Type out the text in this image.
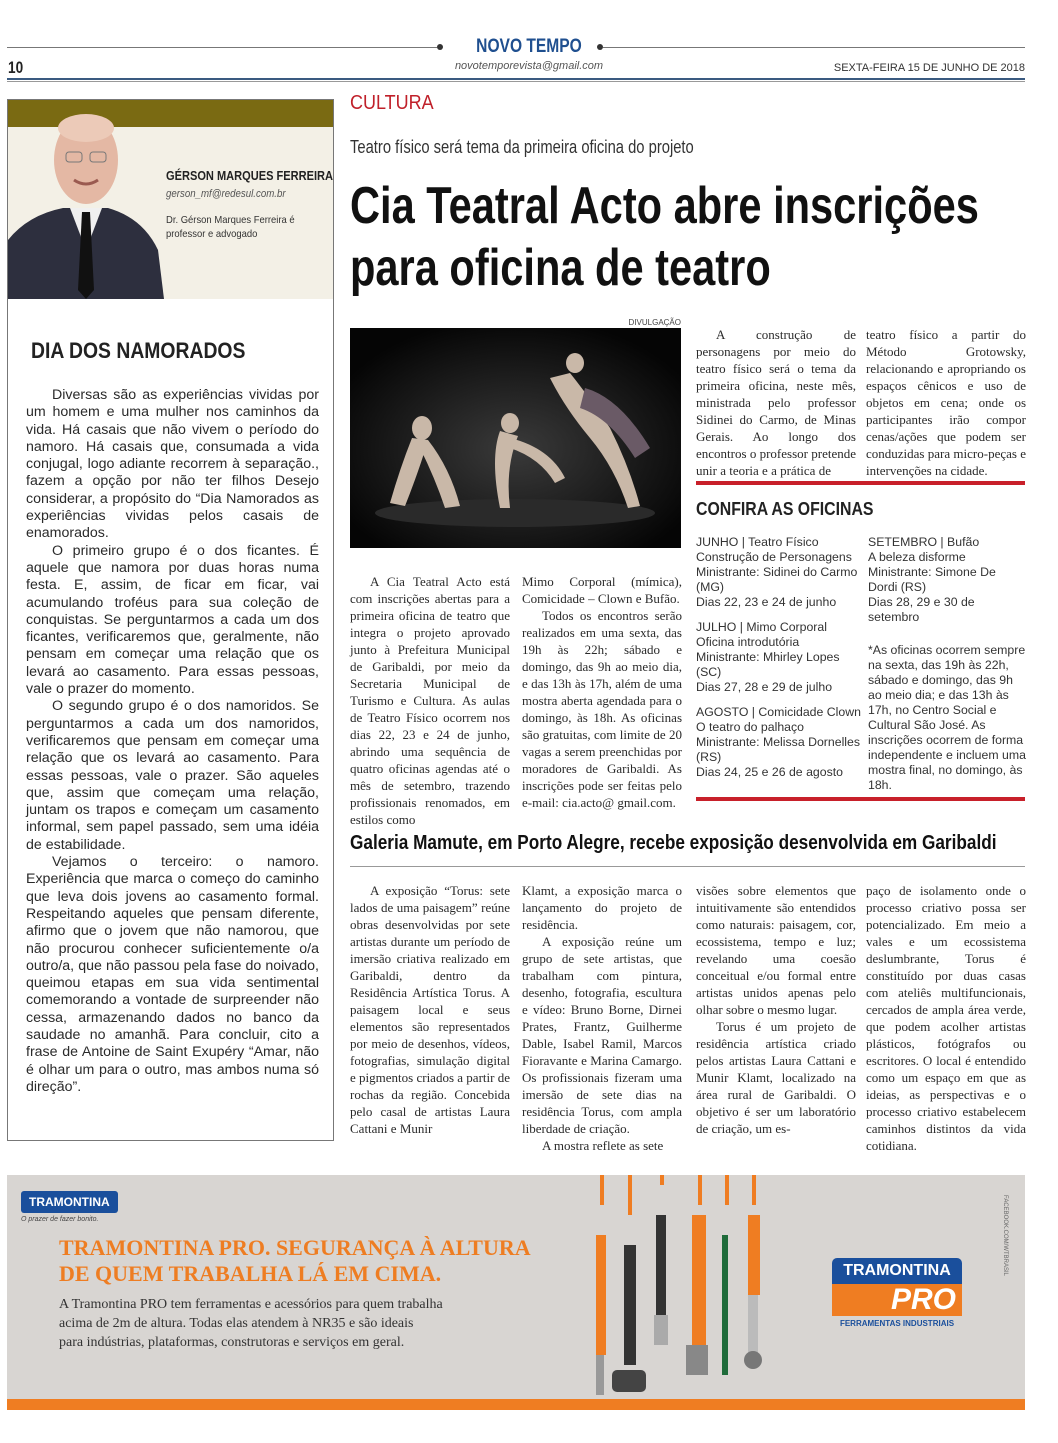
NOVO TEMPO
novotemporevista@gmail.com
10	SEXTA-FEIRA 15 DE JUNHO DE 2018
GÉRSON MARQUES FERREIRA
gerson_mf@redesul.com.br
Dr. Gérson Marques Ferreira é professor e advogado
DIA DOS NAMORADOS

Diversas são as experiências vividas por um homem e uma mulher nos caminhos da vida. Há casais que não vivem o período do namoro. Há casais que, consumada a vida conjugal, logo adiante recorrem à separação., fazem a opção por não ter filhos Desejo considerar, a propósito do “Dia Namorados as experiências vividas pelos casais de enamorados.

O primeiro grupo é o dos ficantes. É aquele que namora por duas horas numa festa. E, assim, de ficar em ficar, vai acumulando troféus para sua coleção de conquistas. Se perguntarmos a cada um dos ficantes, verificaremos que, geralmente, não pensam em começar uma relação que os levará ao casamento. Para essas pessoas, vale o prazer do momento.

O segundo grupo é o dos namoridos. Se perguntarmos a cada um dos namoridos, verificaremos que pensam em começar uma relação que os levará ao casamento. Para essas pessoas, vale o prazer. São aqueles que, assim que começam uma relação, juntam os trapos e começam um casamento informal, sem papel passado, sem uma idéia de estabilidade.

Vejamos o terceiro: o namoro. Experiência que marca o começo do caminho que leva dois jovens ao casamento formal. Respeitando aqueles que pensam diferente, afirmo que o jovem que não namorou, que não procurou conhecer suficientemente o/a outro/a, que não passou pela fase do noivado, queimou etapas em sua vida sentimental comemorando a vontade de surpreender não cessa, armazenando dados no banco da saudade no amanhã. Para concluir, cito a frase de Antoine de Saint Exupéry “Amar, não é olhar um para o outro, mas ambos numa só direção”.

CULTURA
Teatro físico será tema da primeira oficina do projeto
Cia Teatral Acto abre inscrições
para oficina de teatro
DIVULGAÇÃO

A Cia Teatral Acto está com inscrições abertas para a primeira oficina de teatro que integra o projeto aprovado junto à Prefeitura Municipal de Garibaldi, por meio da Secretaria Municipal de Turismo e Cultura. As aulas de Teatro Físico ocorrem nos dias 22, 23 e 24 de junho, abrindo uma sequência de quatro oficinas agendas até o mês de setembro, trazendo profissionais renomados, em estilos como

Mimo Corporal (mímica), Comicidade – Clown e Bufão.

Todos os encontros serão realizados em uma sexta, das 19h às 22h; sábado e domingo, das 9h ao meio dia, e das 13h às 17h, além de uma mostra aberta agendada para o domingo, às 18h. As oficinas são gratuitas, com limite de 20 vagas a serem preenchidas por moradores de Garibaldi. As inscrições pode ser feitas pelo e-mail: cia.acto@ gmail.com.

A construção de personagens por meio do teatro físico será o tema da primeira oficina, neste mês, ministrada pelo professor Sidinei do Carmo, de Minas Gerais. Ao longo dos encontros o professor pretende unir a teoria e a prática de

teatro físico a partir do Método Grotowsky, relacionando e apropriando os espaços cênicos e uso de objetos em cena; onde os participantes irão compor cenas/ações que podem ser conduzidas para micro-peças e intervenções na cidade.

CONFIRA AS OFICINAS
JUNHO | Teatro Físico
Construção de Personagens
Ministrante: Sidinei do Carmo (MG)
Dias 22, 23 e 24 de junho
JULHO | Mimo Corporal
Oficina introdutória
Ministrante: Mhirley Lopes (SC)
Dias 27, 28 e 29 de julho
AGOSTO | Comicidade Clown
O teatro do palhaço
Ministrante: Melissa Dornelles (RS)
Dias 24, 25 e 26 de agosto
SETEMBRO | Bufão
A beleza disforme
Ministrante: Simone De Dordi (RS)
Dias 28, 29 e 30 de setembro
*As oficinas ocorrem sempre na sexta, das 19h às 22h, sábado e domingo, das 9h ao meio dia; e das 13h às 17h, no Centro Social e Cultural São José. As inscrições ocorrem de forma independente e incluem uma mostra final, no domingo, às 18h.
Galeria Mamute, em Porto Alegre, recebe exposição desenvolvida em Garibaldi

A exposição “Torus: sete lados de uma paisagem” reúne obras desenvolvidas por sete artistas durante um período de imersão criativa realizado em Garibaldi, dentro da Residência Artística Torus. A paisagem local e seus elementos são representados por meio de desenhos, vídeos, fotografias, simulação digital e pigmentos criados a partir de rochas da região. Concebida pelo casal de artistas Laura Cattani e Munir

Klamt, a exposição marca o lançamento do projeto de residência.

A exposição reúne um grupo de sete artistas, que trabalham com pintura, desenho, fotografia, escultura e vídeo: Bruno Borne, Dirnei Prates, Frantz, Guilherme Dable, Isabel Ramil, Marcos Fioravante e Marina Camargo. Os profissionais fizeram uma imersão de sete dias na residência Torus, com ampla liberdade de criação.

A mostra reflete as sete

visões sobre elementos que intuitivamente são entendidos como naturais: paisagem, cor, ecossistema, tempo e luz; revelando uma coesão conceitual e/ou formal entre artistas unidos apenas pelo olhar sobre o mesmo lugar.

Torus é um projeto de residência artística criado pelos artistas Laura Cattani e Munir Klamt, localizado na área rural de Garibaldi. O objetivo é ser um laboratório de criação, um es-

paço de isolamento onde o processo criativo possa ser potencializado. Em meio a vales e um ecossistema deslumbrante, Torus é constituído por duas casas com ateliês multifuncionais, cercados de ampla área verde, que podem acolher artistas plásticos, fotógrafos ou escritores. O local é entendido como um espaço em que as ideias, as perspectivas e o processo criativo estabelecem caminhos distintos da vida cotidiana.

TRAMONTINA
O prazer de fazer bonito.
TRAMONTINA PRO. SEGURANÇA À ALTURA
DE QUEM TRABALHA LÁ EM CIMA.
A Tramontina PRO tem ferramentas e acessórios para quem trabalha
acima de 2m de altura. Todas elas atendem à NR35 e são ideais
para indústrias, plataformas, construtoras e serviços em geral.
TRAMONTINA
PRO
FERRAMENTAS INDUSTRIAIS
FACEBOOK.COM/WTBRASIL
